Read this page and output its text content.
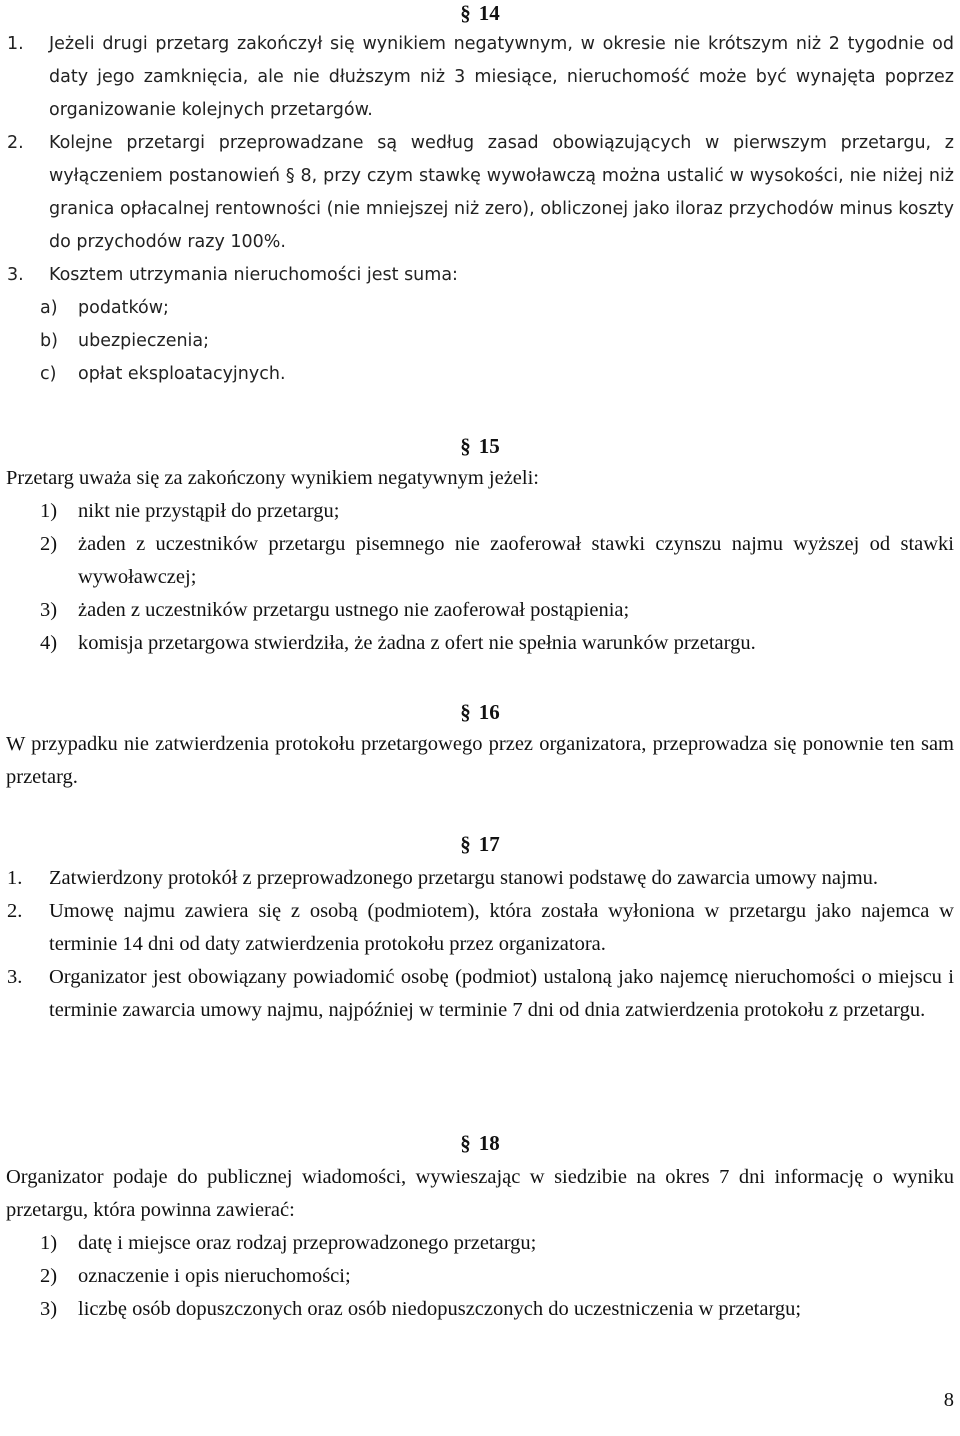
§ 14
1. Jeżeli drugi przetarg zakończył się wynikiem negatywnym, w okresie nie krótszym niż 2 tygodnie od daty jego zamknięcia, ale nie dłuższym niż 3 miesiące, nieruchomość może być wynajęta poprzez organizowanie kolejnych przetargów.
2. Kolejne przetargi przeprowadzane są według zasad obowiązujących w pierwszym przetargu, z wyłączeniem postanowień § 8, przy czym stawkę wywoławczą można ustalić w wysokości, nie niżej niż granica opłacalnej rentowności (nie mniejszej niż zero), obliczonej jako iloraz przychodów minus koszty do przychodów razy 100%.
3. Kosztem utrzymania nieruchomości jest suma:
a) podatków;
b) ubezpieczenia;
c) opłat eksploatacyjnych.
§ 15
Przetarg uważa się za zakończony wynikiem negatywnym jeżeli:
1) nikt nie przystąpił do przetargu;
2) żaden z uczestników przetargu pisemnego nie zaoferował stawki czynszu najmu wyższej od stawki wywoławczej;
3) żaden z uczestników przetargu ustnego nie zaoferował postąpienia;
4) komisja przetargowa stwierdziła, że żadna z ofert nie spełnia warunków przetargu.
§ 16
W przypadku nie zatwierdzenia protokołu przetargowego przez organizatora, przeprowadza się ponownie ten sam przetarg.
§ 17
1. Zatwierdzony protokół z przeprowadzonego przetargu stanowi podstawę do zawarcia umowy najmu.
2. Umowę najmu zawiera się z osobą (podmiotem), która została wyłoniona w przetargu jako najemca w terminie 14 dni od daty zatwierdzenia protokołu przez organizatora.
3. Organizator jest obowiązany powiadomić osobę (podmiot) ustaloną jako najemcę nieruchomości o miejscu i terminie zawarcia umowy najmu, najpóźniej w terminie 7 dni od dnia zatwierdzenia protokołu z przetargu.
§ 18
Organizator podaje do publicznej wiadomości, wywieszając w siedzibie na okres 7 dni informację o wyniku przetargu, która powinna zawierać:
1) datę i miejsce oraz rodzaj przeprowadzonego przetargu;
2) oznaczenie i opis nieruchomości;
3) liczbę osób dopuszczonych oraz osób niedopuszczonych do uczestniczenia w przetargu;
8
